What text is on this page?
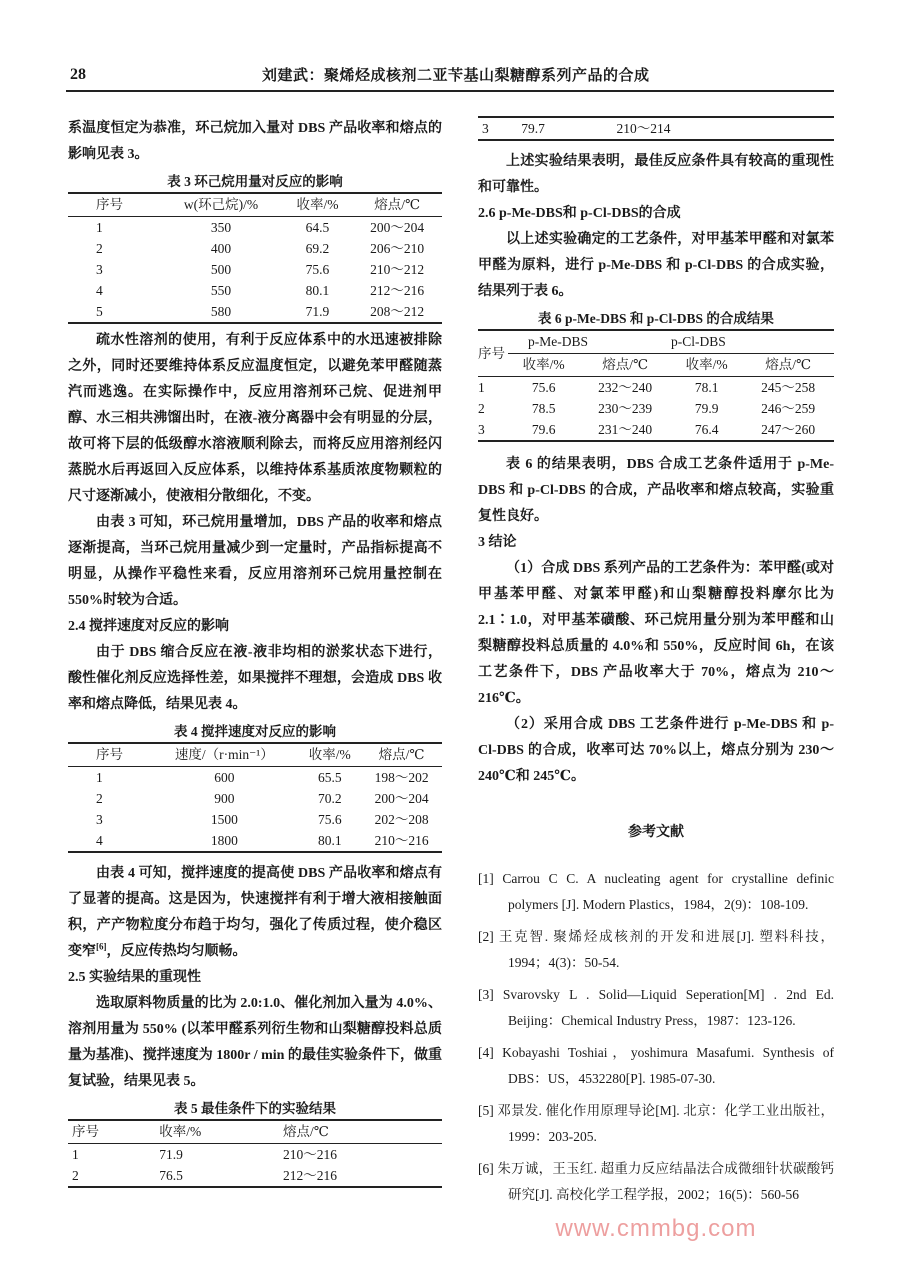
28	刘建武：聚烯烃成核剂二亚苄基山梨糖醇系列产品的合成

系温度恒定为恭准，环己烷加入量对 DBS 产品收率和熔点的影响见表 3。

表 3 环己烷用量对反应的影响
序号	w(环己烷)/%	收率/%	熔点/℃
1	350	64.5	200～204
2	400	69.2	206～210
3	500	75.6	210～212
4	550	80.1	212～216
5	580	71.9	208～212

疏水性溶剂的使用，有利于反应体系中的水迅速被排除之外，同时还要维持体系反应温度恒定，以避免苯甲醛随蒸汽而逃逸。在实际操作中，反应用溶剂环己烷、促进剂甲醇、水三相共沸馏出时，在液-液分离器中会有明显的分层，故可将下层的低级醇水溶液顺利除去，而将反应用溶剂经闪蒸脱水后再返回入反应体系，以维持体系基质浓度物颗粒的尺寸逐渐减小，使液相分散细化，不变。

由表 3 可知，环己烷用量增加，DBS 产品的收率和熔点逐渐提高，当环己烷用量减少到一定量时，产品指标提高不明显，从操作平稳性来看，反应用溶剂环己烷用量控制在550%时较为合适。

2.4 搅拌速度对反应的影响

由于 DBS 缩合反应在液-液非均相的淤浆状态下进行，酸性催化剂反应选择性差，如果搅拌不理想，会造成 DBS 收率和熔点降低，结果见表 4。

表 4 搅拌速度对反应的影响
序号	速度/（r·min⁻¹）	收率/%	熔点/℃
1	600	65.5	198～202
2	900	70.2	200～204
3	1500	75.6	202～208
4	1800	80.1	210～216

由表 4 可知，搅拌速度的提高使 DBS 产品收率和熔点有了显著的提高。这是因为，快速搅拌有利于增大液相接触面积，产产物粒度分布趋于均匀，强化了传质过程，使介稳区变窄[6]，反应传热均匀顺畅。

2.5 实验结果的重现性

选取原料物质量的比为 2.0:1.0、催化剂加入量为 4.0%、溶剂用量为 550% (以苯甲醛系列衍生物和山梨糖醇投料总质量为基准)、搅拌速度为 1800r / min 的最佳实验条件下，做重复试验，结果见表 5。

表 5 最佳条件下的实验结果
序号	收率/%	熔点/℃
1	71.9	210～216
2	76.5	212～216
3	79.7	210～214

上述实验结果表明，最佳反应条件具有较高的重现性和可靠性。

2.6 p-Me-DBS和 p-Cl-DBS的合成

以上述实验确定的工艺条件，对甲基苯甲醛和对氯苯甲醛为原料，进行 p-Me-DBS 和 p-Cl-DBS 的合成实验，结果列于表 6。

表 6 p-Me-DBS 和 p-Cl-DBS 的合成结果
序号	p-Me-DBS		p-Cl-DBS	
	收率/%	熔点/℃	收率/%	熔点/℃
1	75.6	232～240	78.1	245～258
2	78.5	230～239	79.9	246～259
3	79.6	231～240	76.4	247～260

表 6 的结果表明，DBS 合成工艺条件适用于 p-Me-DBS 和 p-Cl-DBS 的合成，产品收率和熔点较高，实验重复性良好。

3 结论

（1）合成 DBS 系列产品的工艺条件为：苯甲醛(或对甲基苯甲醛、对氯苯甲醛)和山梨糖醇投料摩尔比为 2.1∶1.0，对甲基苯磺酸、环己烷用量分别为苯甲醛和山梨糖醇投料总质量的 4.0%和 550%，反应时间 6h，在该工艺条件下，DBS 产品收率大于 70%，熔点为 210～216℃。

（2）采用合成 DBS 工艺条件进行 p-Me-DBS 和 p-Cl-DBS 的合成，收率可达 70%以上，熔点分别为 230～240℃和 245℃。

参考文献
[1] Carrou C C. A nucleating agent for crystalline definic polymers [J]. Modern Plastics，1984，2(9)：108-109.
[2] 王克智. 聚烯烃成核剂的开发和进展[J]. 塑料科技，1994；4(3)：50-54.
[3] Svarovsky L . Solid—Liquid Seperation[M] . 2nd Ed. Beijing：Chemical Industry Press，1987：123-126.
[4] Kobayashi Toshiai，yoshimura Masafumi. Synthesis of DBS：US，4532280[P]. 1985-07-30.
[5] 邓景发. 催化作用原理导论[M]. 北京：化学工业出版社，1999：203-205.
[6] 朱万诚，王玉红. 超重力反应结晶法合成微细针状碳酸钙研究[J]. 高校化学工程学报，2002；16(5)：560-56
www.cmmbg.com
